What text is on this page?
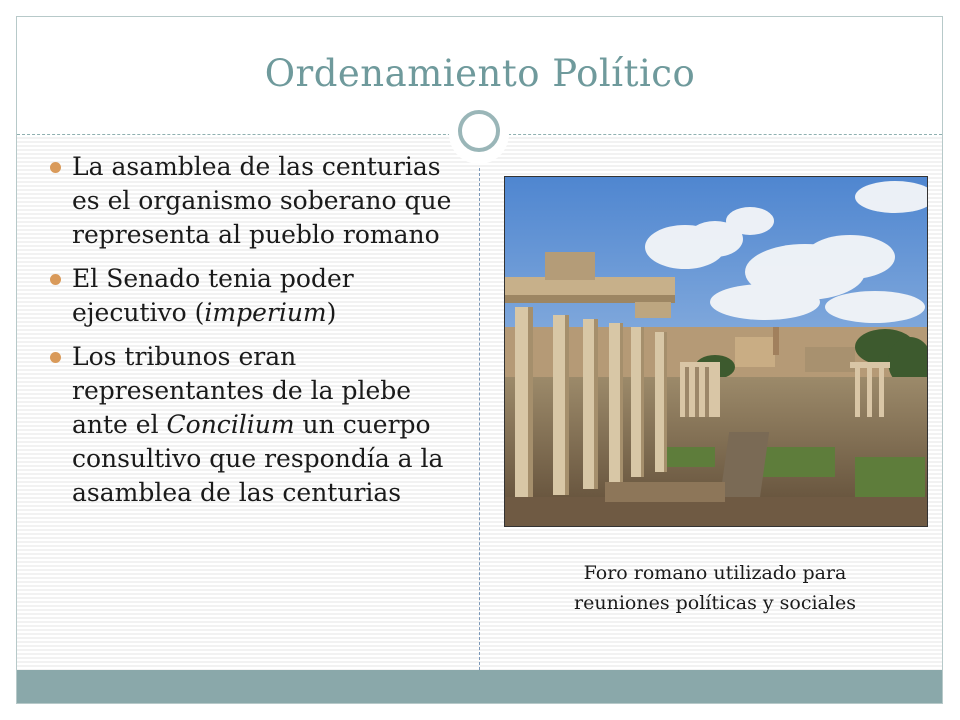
Ordenamiento Político
La asamblea de las centurias es el organismo soberano que representa al pueblo romano
El Senado tenia poder ejecutivo (imperium)
Los tribunos eran representantes de la plebe ante el Concilium un cuerpo consultivo que respondía a la asamblea de las centurias
Foro romano utilizado para
reuniones políticas y sociales
